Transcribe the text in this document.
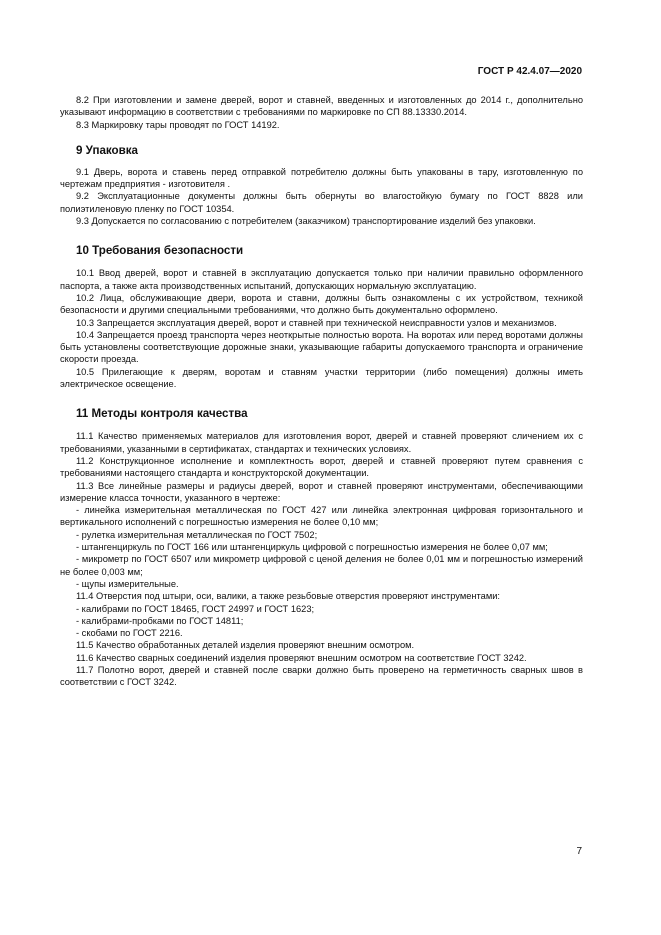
ГОСТ Р 42.4.07—2020

8.2 При изготовлении и замене дверей, ворот и ставней, введенных и изготовленных до 2014 г., дополнительно указывают информацию в соответствии с требованиями по маркировке по СП 88.13330.2014.

8.3 Маркировку тары проводят по ГОСТ 14192.

9 Упаковка

9.1 Дверь, ворота и ставень перед отправкой потребителю должны быть упакованы в тару, изготовленную по чертежам предприятия - изготовителя .

9.2 Эксплуатационные документы должны быть обернуты во влагостойкую бумагу по ГОСТ 8828 или полиэтиленовую пленку по ГОСТ 10354.

9.3 Допускается по согласованию с потребителем (заказчиком) транспортирование изделий без упаковки.

10 Требования безопасности

10.1 Ввод дверей, ворот и ставней в эксплуатацию допускается только при наличии правильно оформленного паспорта, а также акта производственных испытаний, допускающих нормальную эксплуатацию.

10.2 Лица, обслуживающие двери, ворота и ставни, должны быть ознакомлены с их устройством, техникой безопасности и другими специальными требованиями, что должно быть документально оформлено.

10.3 Запрещается эксплуатация дверей, ворот и ставней при технической неисправности узлов и механизмов.

10.4 Запрещается проезд транспорта через неоткрытые полностью ворота. На воротах или перед воротами должны быть установлены соответствующие дорожные знаки, указывающие габариты допускаемого транспорта и ограничение скорости проезда.

10.5 Прилегающие к дверям, воротам и ставням участки территории (либо помещения) должны иметь электрическое освещение.

11 Методы контроля качества

11.1 Качество применяемых материалов для изготовления ворот, дверей и ставней проверяют сличением их с требованиями, указанными в сертификатах, стандартах и технических условиях.

11.2 Конструкционное исполнение и комплектность ворот, дверей и ставней проверяют путем сравнения с требованиями настоящего стандарта и конструкторской документации.

11.3 Все линейные размеры и радиусы дверей, ворот и ставней проверяют инструментами, обеспечивающими измерение класса точности, указанного в чертеже:

- линейка измерительная металлическая по ГОСТ 427 или линейка электронная цифровая горизонтального и вертикального исполнений с погрешностью измерения не более 0,10 мм;

- рулетка измерительная металлическая по ГОСТ 7502;

- штангенциркуль по ГОСТ 166 или штангенциркуль цифровой с погрешностью измерения не более 0,07 мм;

- микрометр по ГОСТ 6507 или микрометр цифровой с ценой деления не более 0,01 мм и погрешностью измерений не более 0,003 мм;

- щупы измерительные.

11.4 Отверстия под штыри, оси, валики, а также резьбовые отверстия проверяют инструментами:

- калибрами по ГОСТ 18465, ГОСТ 24997 и ГОСТ 1623;

- калибрами-пробками по ГОСТ 14811;

- скобами по ГОСТ 2216.

11.5 Качество обработанных деталей изделия проверяют внешним осмотром.

11.6 Качество сварных соединений изделия проверяют внешним осмотром на соответствие ГОСТ 3242.

11.7 Полотно ворот, дверей и ставней после сварки должно быть проверено на герметичность сварных швов в соответствии с ГОСТ 3242.

7
